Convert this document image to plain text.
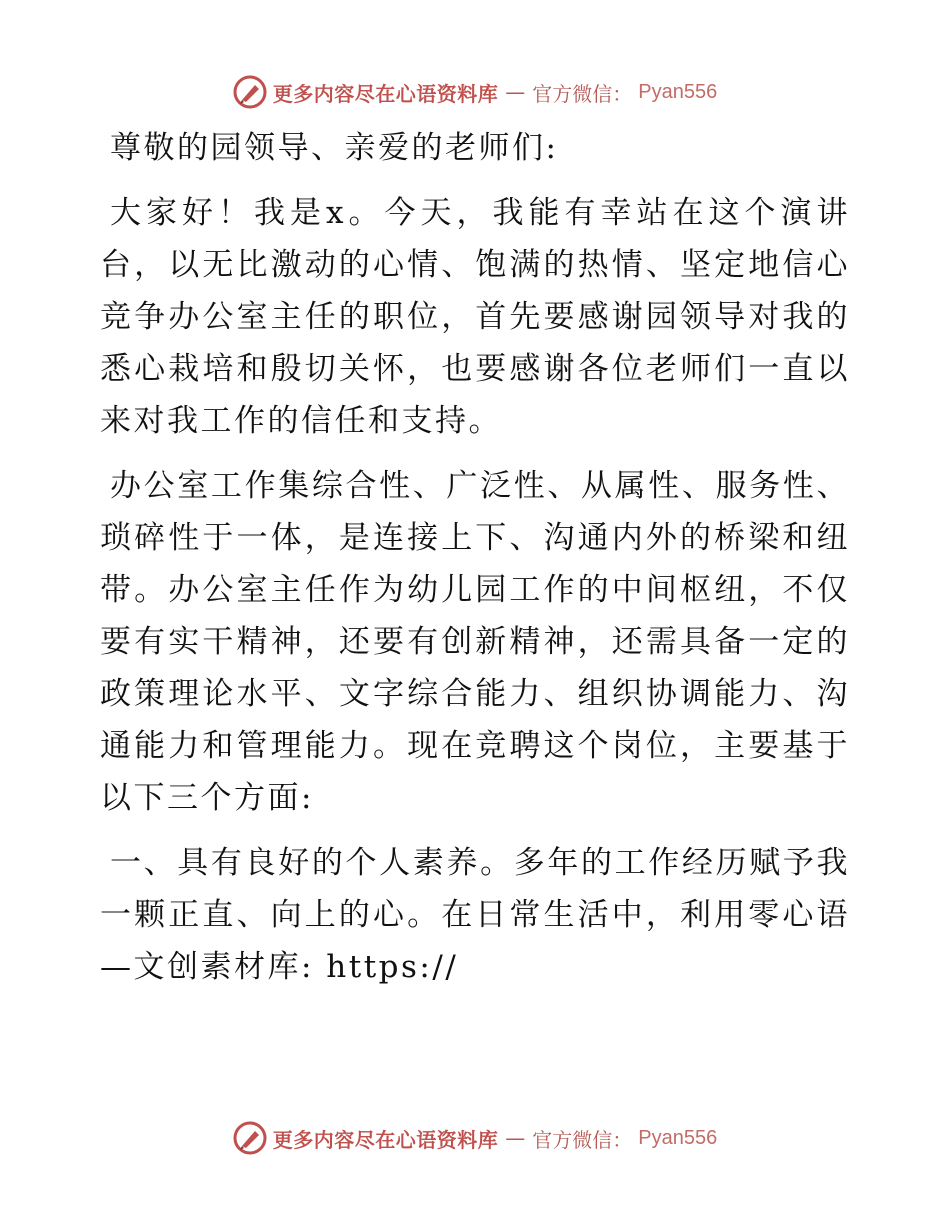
更多内容尽在心语资料库 — 官方微信： Pyan556

尊敬的园领导、亲爱的老师们:

大家好！我是x。今天，我能有幸站在这个演讲台，以无比激动的心情、饱满的热情、坚定地信心竞争办公室主任的职位，首先要感谢园领导对我的悉心栽培和殷切关怀，也要感谢各位老师们一直以来对我工作的信任和支持。

办公室工作集综合性、广泛性、从属性、服务性、琐碎性于一体，是连接上下、沟通内外的桥梁和纽带。办公室主任作为幼儿园工作的中间枢纽，不仅要有实干精神，还要有创新精神，还需具备一定的政策理论水平、文字综合能力、组织协调能力、沟通能力和管理能力。现在竞聘这个岗位，主要基于以下三个方面:

一、具有良好的个人素养。多年的工作经历赋予我一颗正直、向上的心。在日常生活中，利用零心语—文创素材库: https://

更多内容尽在心语资料库 — 官方微信： Pyan556
